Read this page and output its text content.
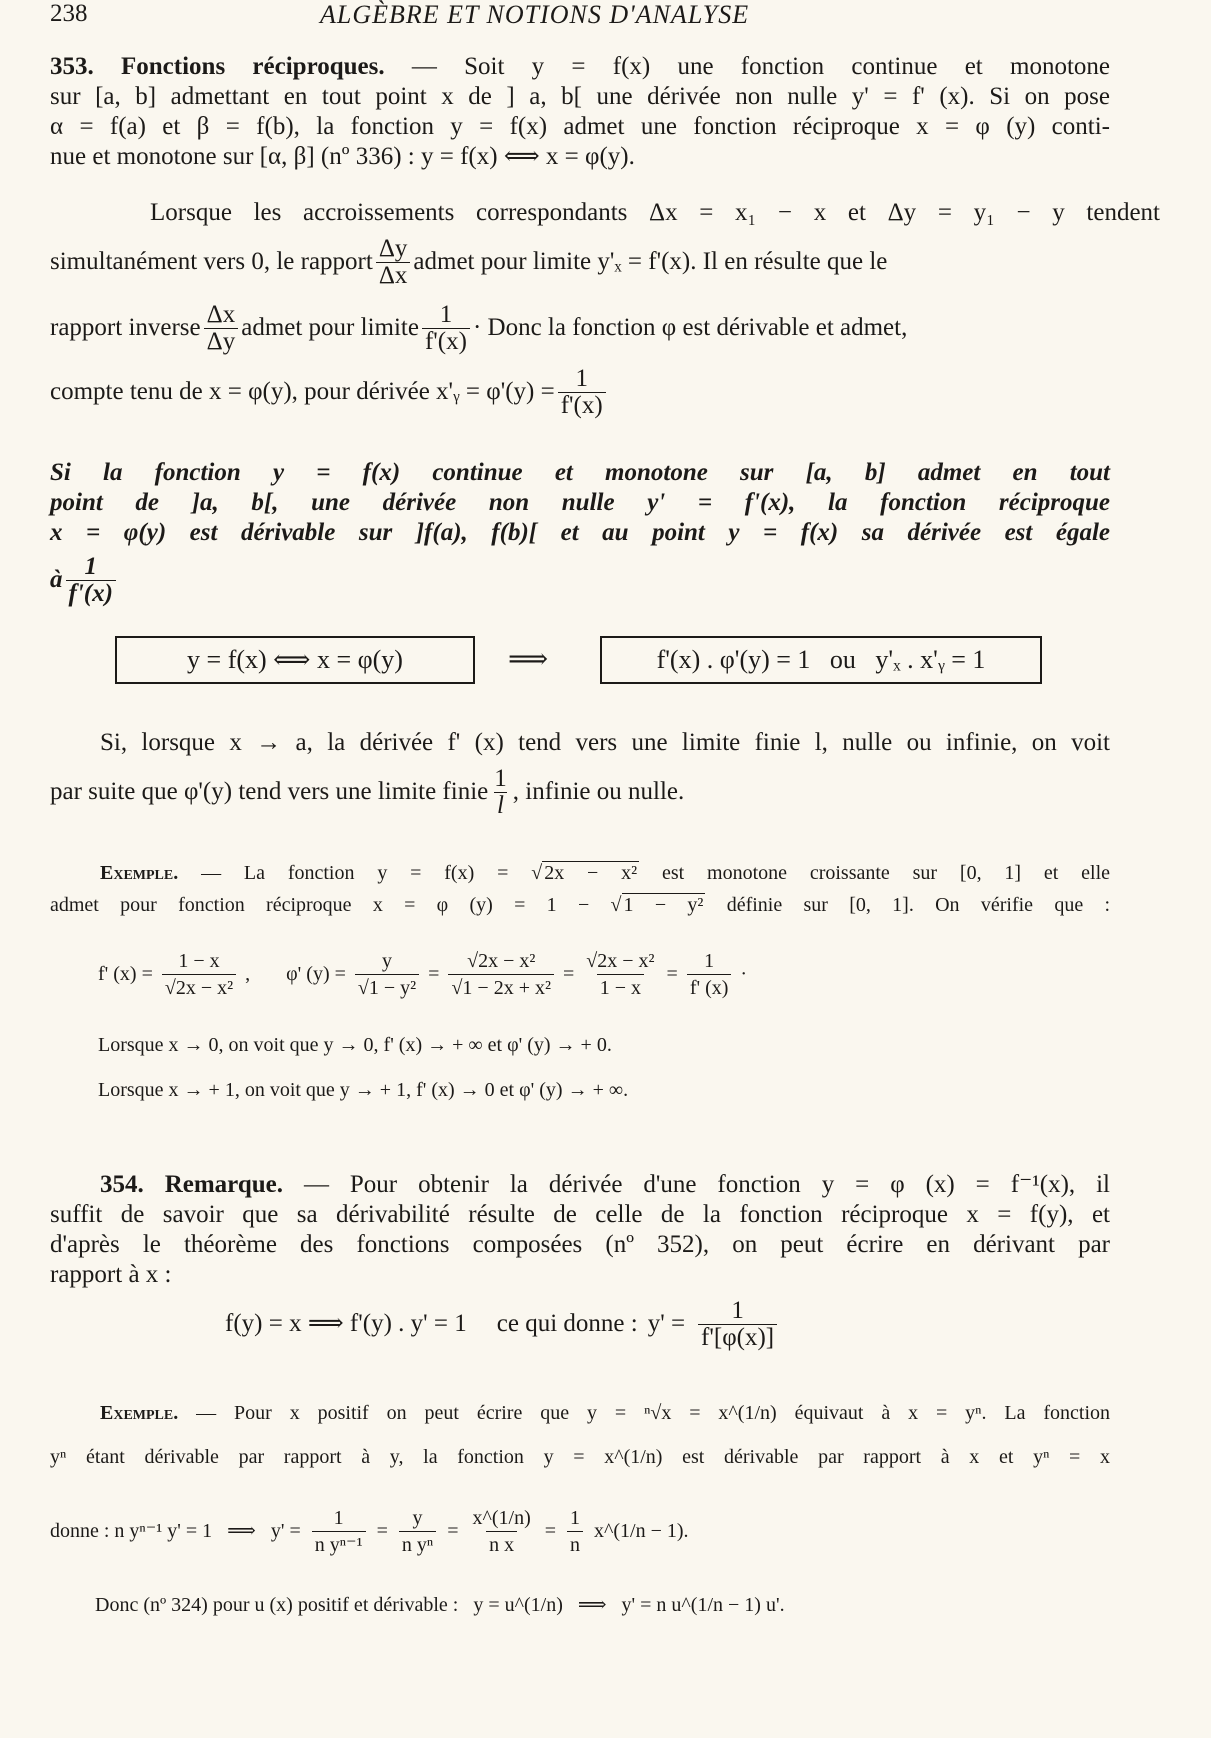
238	ALGÈBRE ET NOTIONS D'ANALYSE
353. Fonctions réciproques. — Soit y = f(x) une fonction continue et monotone
sur [a, b] admettant en tout point x de ] a, b[ une dérivée non nulle y' = f' (x). Si on pose
α = f(a) et β = f(b), la fonction y = f(x) admet une fonction réciproque x = φ (y) conti-
nue et monotone sur [α, β] (nº 336) : y = f(x) ⟺ x = φ(y).
Lorsque les accroissements correspondants Δx = x₁ − x et Δy = y₁ − y tendent
simultanément vers 0, le rapport $\frac{\Delta y}{\Delta x}$ admet pour limite y'ₓ = f'(x). Il en résulte que le
rapport inverse $\frac{\Delta x}{\Delta y}$ admet pour limite $\frac{1}{f'(x)}$ · Donc la fonction φ est dérivable et admet,
compte tenu de x = φ(y), pour dérivée x'ᵧ = $\varphi'(y) = \frac{1}{f'(x)}$
Si la fonction y = f(x) continue et monotone sur [a, b] admet en tout
point de ]a, b[, une dérivée non nulle y' = f'(x), la fonction réciproque
x = φ(y) est dérivable sur ]f(a), f(b)[ et au point y = f(x) sa dérivée est égale
à $\frac{1}{f'(x)}$
y = f(x) ⟺ x = φ(y)	⟹	f'(x) . φ'(y) = 1   ou   y'ₓ . x'ᵧ = 1
Si, lorsque x → a, la dérivée f' (x) tend vers une limite finie l, nulle ou infinie, on voit
par suite que φ'(y) tend vers une limite finie $\frac{1}{l}$ , infinie ou nulle.
Exemple. — La fonction y = f(x) = √ 2x − x² est monotone croissante sur [0, 1] et elle
admet pour fonction réciproque x = φ (y) = 1 − √ 1 − y² définie sur [0, 1]. On vérifie que :
f' $(x) = \frac{1 - x}{\text{√2x − x²}}$ , φ' $(y) = \frac{y}{\text{√1 − y²}} = \frac{\text{√2x − x²}}{\text{√1 − 2x + x²}} = \frac{\text{√2x − x²}}{1 - x} = \frac{1}{f' (x)}$ ·
Lorsque x → 0, on voit que y → 0, f' (x) → + ∞ et φ' (y) → + 0.
Lorsque x → + 1, on voit que y → + 1, f' (x) → 0 et φ' (y) → + ∞.
354. Remarque. — Pour obtenir la dérivée d'une fonction y = φ (x) = f⁻¹(x), il
suffit de savoir que sa dérivabilité résulte de celle de la fonction réciproque x = f(y), et
d'après le théorème des fonctions composées (nº 352), on peut écrire en dérivant par
rapport à x :
f(y) = x ⟹ f'(y) . y' = 1 ce qui donne : $y' = \frac{1}{f'[\varphi(x)]}$
Exemple. — Pour x positif on peut écrire que y = ⁿ√x = x^(1/n) équivaut à x = yⁿ. La fonction
yⁿ étant dérivable par rapport à y, la fonction y = x^(1/n) est dérivable par rapport à x et yⁿ = x
donne : n yⁿ⁻¹ y' = 1   ⟹   $y' = \frac{1}{\text{n yⁿ⁻¹}} = \frac{y}{\text{n yⁿ}} = \frac{x\^{}(1/n)}{\text{n x}} = \frac{1}{n}$ x^(1/n − 1).
Donc (nº 324) pour u (x) positif et dérivable :   y = u^(1/n)   ⟹   y' = n u^(1/n − 1) u'.
